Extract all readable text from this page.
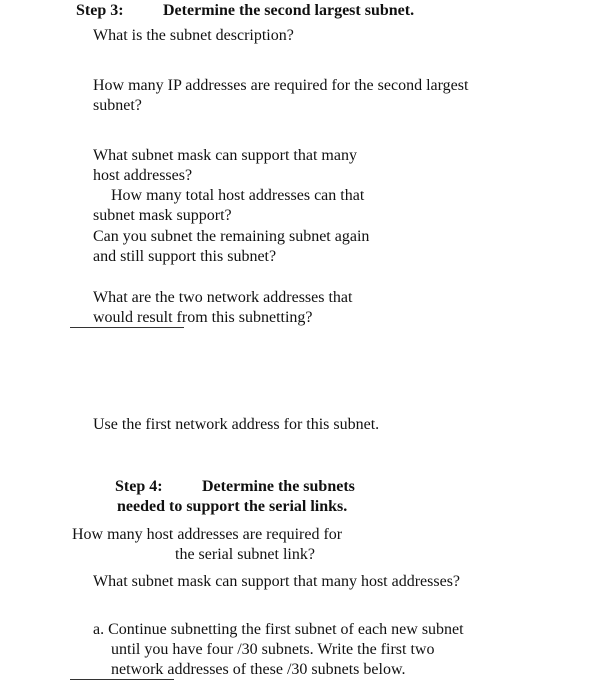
Step 3: Determine the second largest subnet.
What is the subnet description?
How many IP addresses are required for the second largest
subnet?
What subnet mask can support that many
host addresses?
How many total host addresses can that
subnet mask support?
Can you subnet the remaining subnet again
and still support this subnet?
What are the two network addresses that
would result from this subnetting?
Use the first network address for this subnet.
Step 4: Determine the subnets
needed to support the serial links.
How many host addresses are required for
the serial subnet link?
What subnet mask can support that many host addresses?
a. Continue subnetting the first subnet of each new subnet
until you have four /30 subnets. Write the first two
network addresses of these /30 subnets below.
